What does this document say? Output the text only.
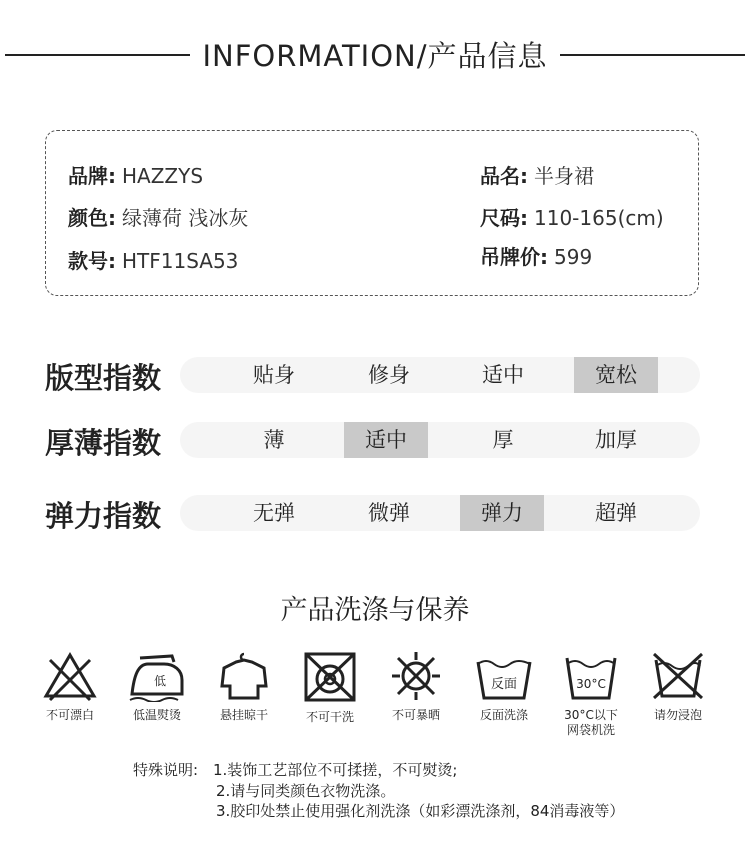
INFORMATION/产品信息
品牌: HAZZYS
颜色: 绿薄荷 浅冰灰
款号: HTF11SA53
品名: 半身裙
尺码: 110-165(cm)
吊牌价: 599
版型指数	贴身	修身	适中	宽松
厚薄指数	薄	适中	厚	加厚
弹力指数	无弹	微弹	弹力	超弹
产品洗涤与保养
不可漂白
低
低温熨烫	悬挂晾干	不可干洗	不可暴晒
反面
反面洗涤
30°C
30°C以下
网袋机洗
请勿浸泡
特殊说明: 1.装饰工艺部位不可揉搓，不可熨烫;
2.请与同类颜色衣物洗涤。
3.胶印处禁止使用强化剂洗涤（如彩漂洗涤剂，84消毒液等）
